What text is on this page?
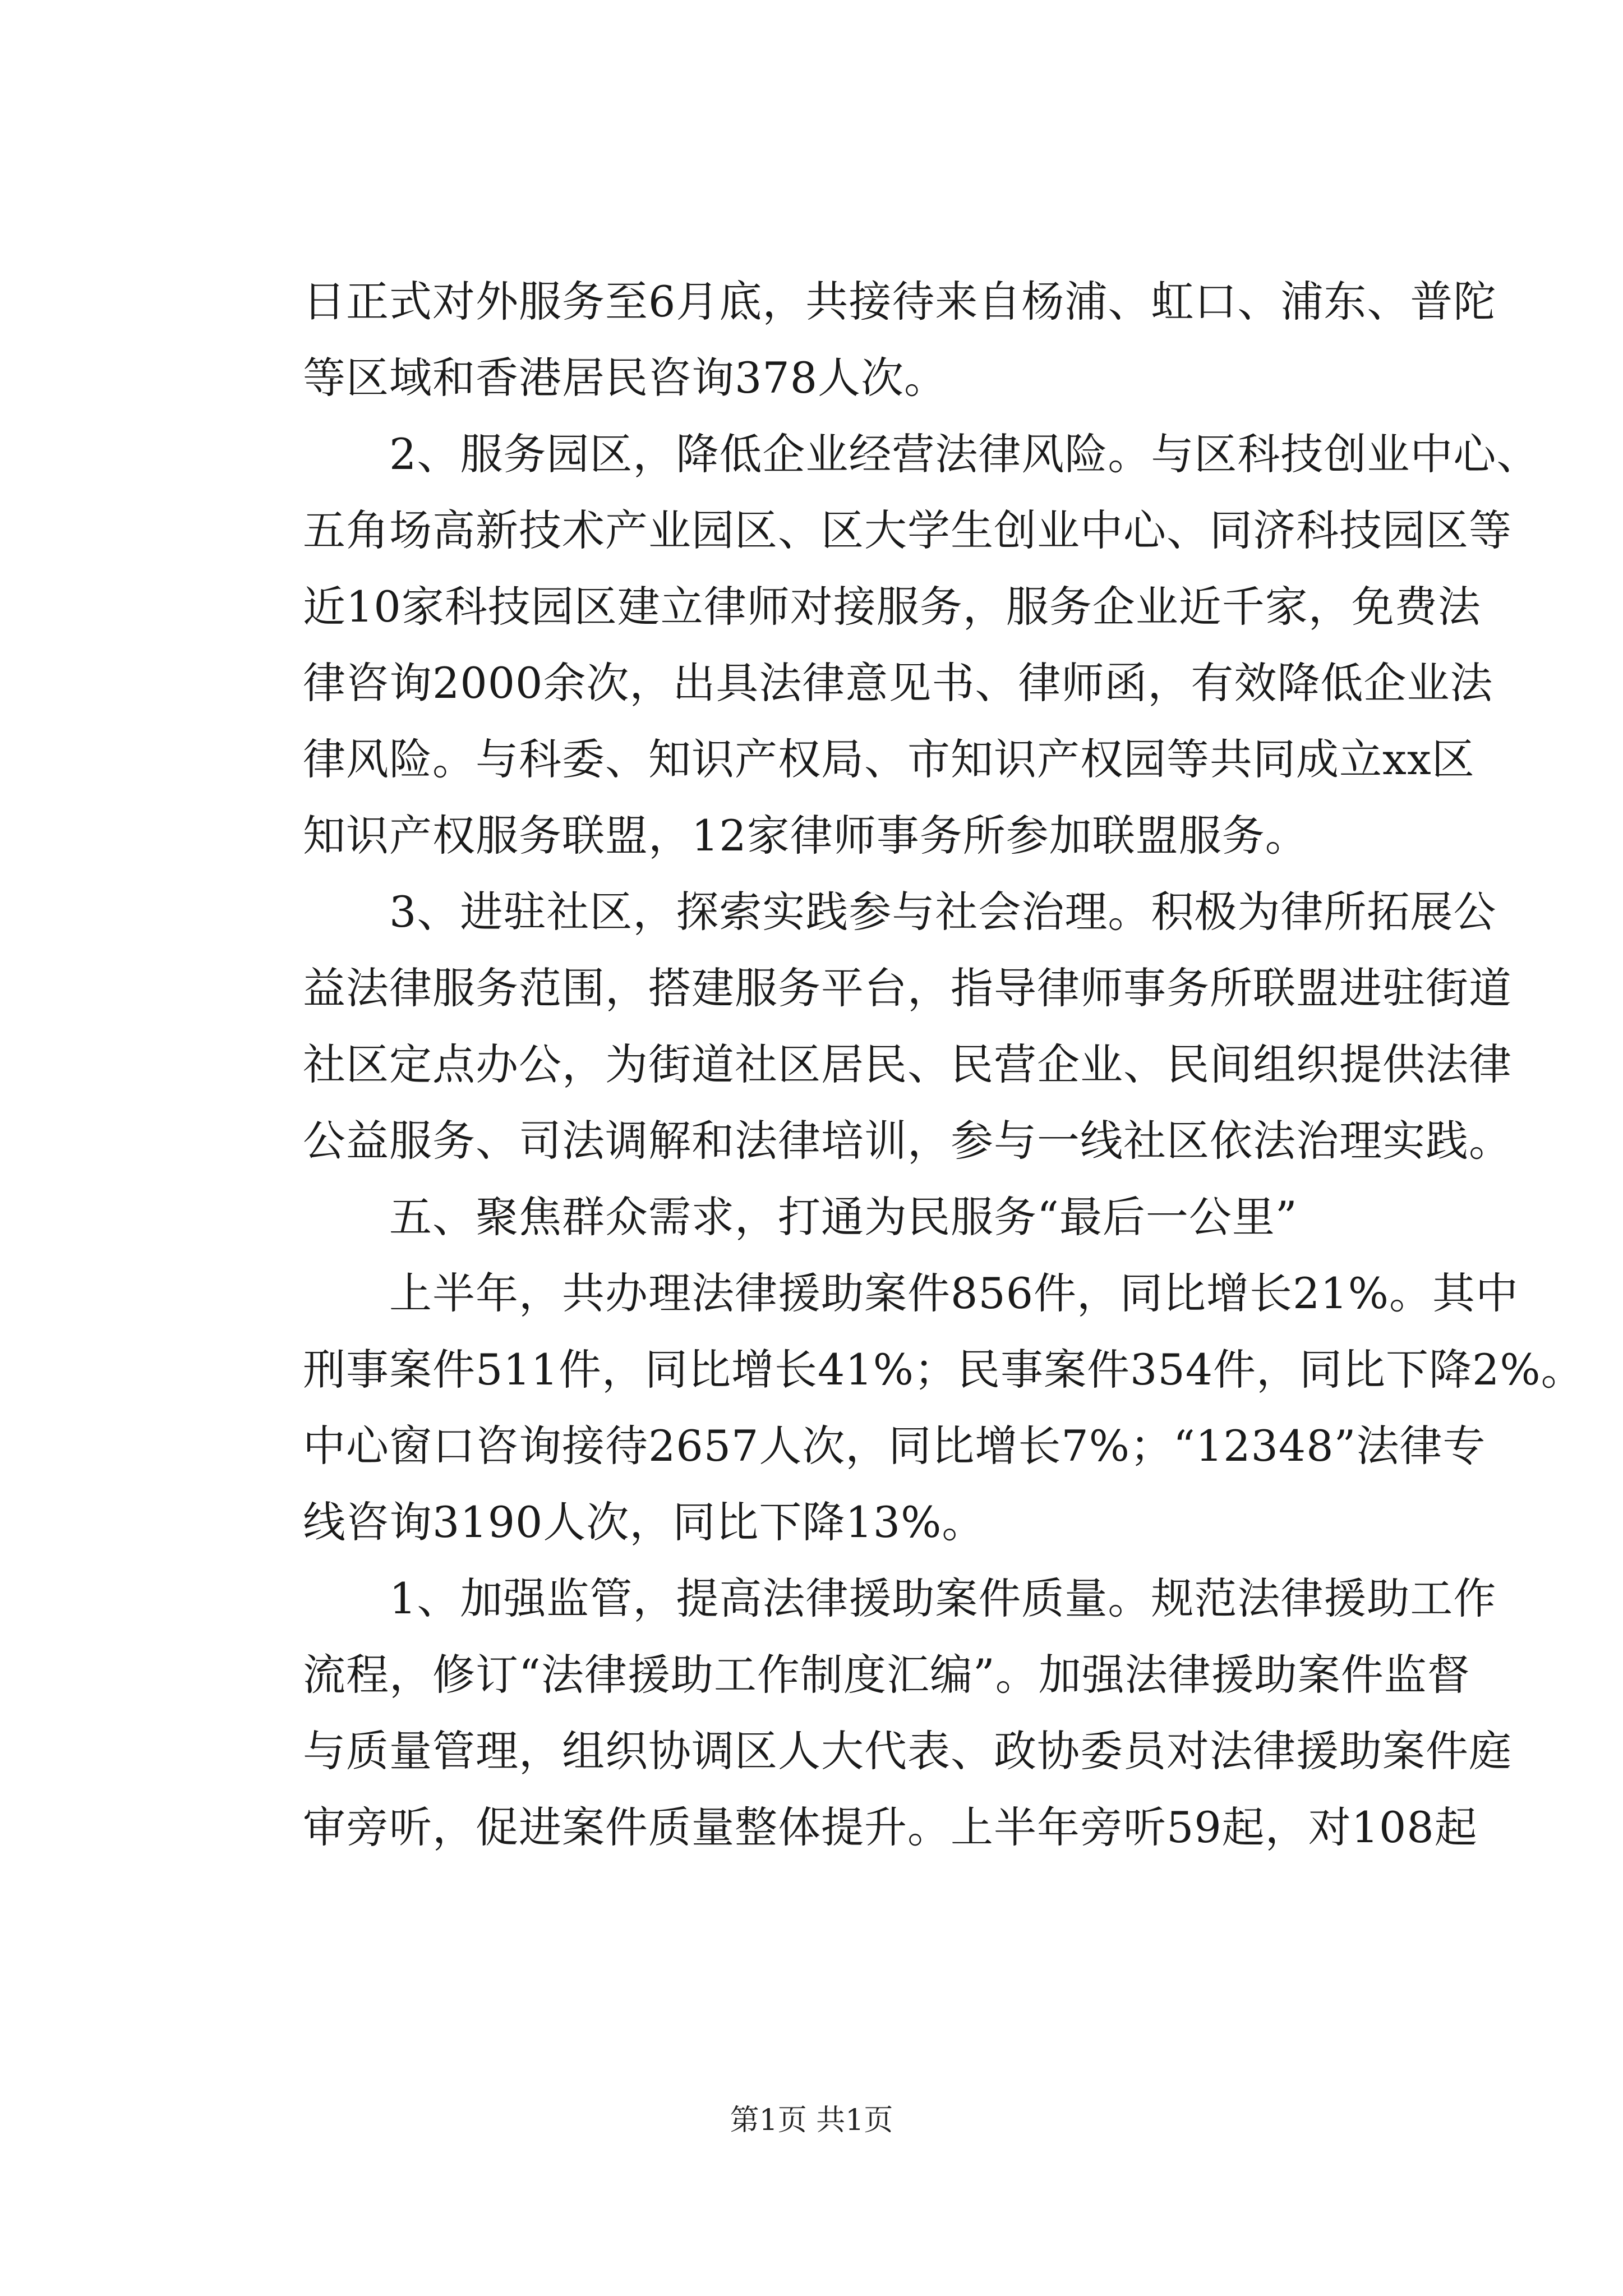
日正式对外服务至6月底，共接待来自杨浦、虹口、浦东、普陀
等区域和香港居民咨询378人次。
　　2、服务园区，降低企业经营法律风险。与区科技创业中心、
五角场高新技术产业园区、区大学生创业中心、同济科技园区等
近10家科技园区建立律师对接服务，服务企业近千家，免费法
律咨询2000余次，出具法律意见书、律师函，有效降低企业法
律风险。与科委、知识产权局、市知识产权园等共同成立xx区
知识产权服务联盟，12家律师事务所参加联盟服务。
　　3、进驻社区，探索实践参与社会治理。积极为律所拓展公
益法律服务范围，搭建服务平台，指导律师事务所联盟进驻街道
社区定点办公，为街道社区居民、民营企业、民间组织提供法律
公益服务、司法调解和法律培训，参与一线社区依法治理实践。
　　五、聚焦群众需求，打通为民服务“最后一公里”
　　上半年，共办理法律援助案件856件，同比增长21%。其中
刑事案件511件，同比增长41%；民事案件354件，同比下降2%。
中心窗口咨询接待2657人次，同比增长7%；“12348”法律专
线咨询3190人次，同比下降13%。
　　1、加强监管，提高法律援助案件质量。规范法律援助工作
流程，修订“法律援助工作制度汇编”。加强法律援助案件监督
与质量管理，组织协调区人大代表、政协委员对法律援助案件庭
审旁听，促进案件质量整体提升。上半年旁听59起，对108起
第1页 共1页
